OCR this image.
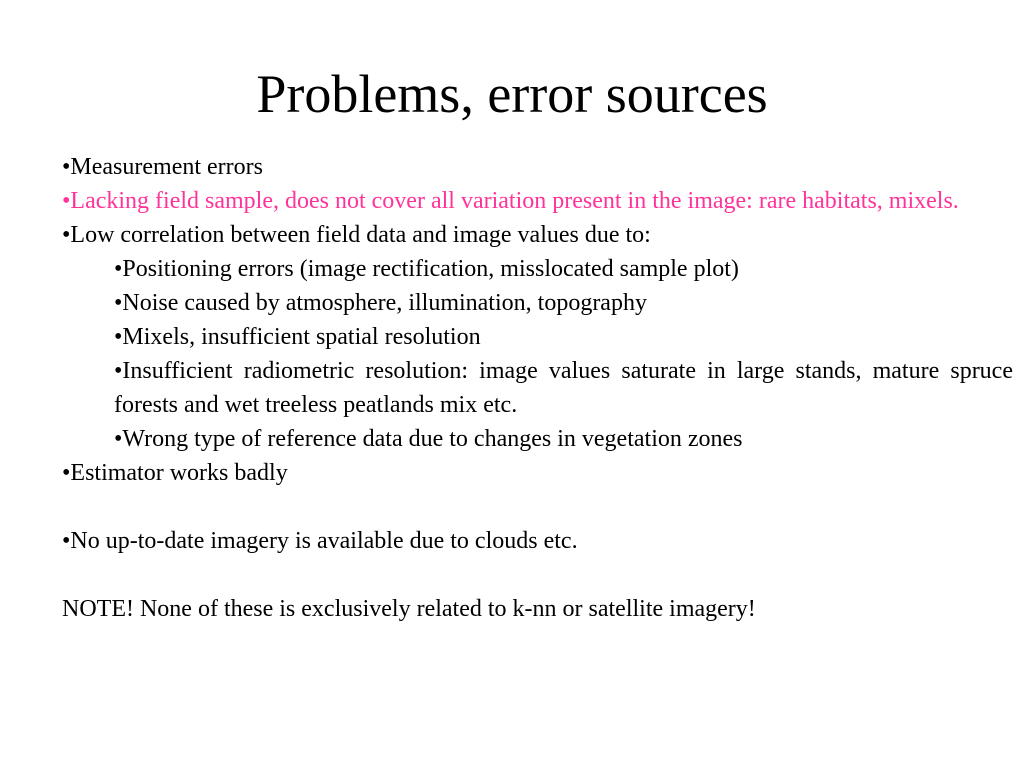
Problems, error sources

•Measurement errors

•Lacking field sample, does not cover all variation present in the image: rare habitats, mixels.

•Low correlation between field data and image values due to:

•Positioning errors (image rectification, misslocated sample plot)

•Noise caused by atmosphere, illumination, topography

•Mixels, insufficient spatial resolution

•Insufficient radiometric resolution: image values saturate in large stands, mature spruce forests and wet treeless peatlands mix etc.

•Wrong type of reference data due to changes in vegetation zones

•Estimator works badly

•No up-to-date imagery is available due to clouds etc.

NOTE! None of these is exclusively related to k-nn or satellite imagery!
